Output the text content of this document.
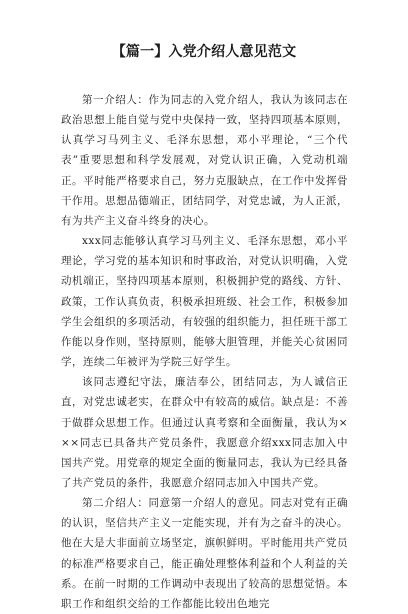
【篇一】入党介绍人意见范文

第一介绍人：作为同志的入党介绍人，我认为该同志在政治思想上能自觉与党中央保持一致，坚持四项基本原则，认真学习马列主义、毛泽东思想，邓小平理论，“三个代表”重要思想和科学发展观，对党认识正确，入党动机端正。平时能严格要求自己，努力克服缺点，在工作中发挥骨干作用。思想品德端正，团结同学，对党忠诚，为人正派，有为共产主义奋斗终身的决心。

xxx同志能够认真学习马列主义、毛泽东思想，邓小平理论，学习党的基本知识和时事政治，对党认识明确，入党动机端正，坚持四项基本原则，积极拥护党的路线、方针、政策，工作认真负责，积极承担班级、社会工作，积极参加学生会组织的多项活动，有较强的组织能力，担任班干部工作能以身作则，坚持原则，能够大胆管理，并能关心贫困同学，连续二年被评为学院三好学生。

该同志遵纪守法，廉洁奉公，团结同志，为人诚信正直，对党忠诚老实，在群众中有较高的威信。缺点是：不善于做群众思想工作。但通过认真考察和全面衡量，我认为×××同志已具备共产党员条件，我愿意介绍xxx同志加入中国共产党。用党章的规定全面的衡量同志，我认为已经具备了共产党员的条件，我愿意介绍同志加入中国共产党。

第二介绍人：同意第一介绍人的意见。同志对党有正确的认识，坚信共产主义一定能实现，并有为之奋斗的决心。他在大是大非面前立场坚定，旗帜鲜明。平时能用共产党员的标准严格要求自己，能正确处理整体利益和个人利益的关系。在前一时期的工作调动中表现出了较高的思想觉悟。本职工作和组织交给的工作都能比较出色地完
